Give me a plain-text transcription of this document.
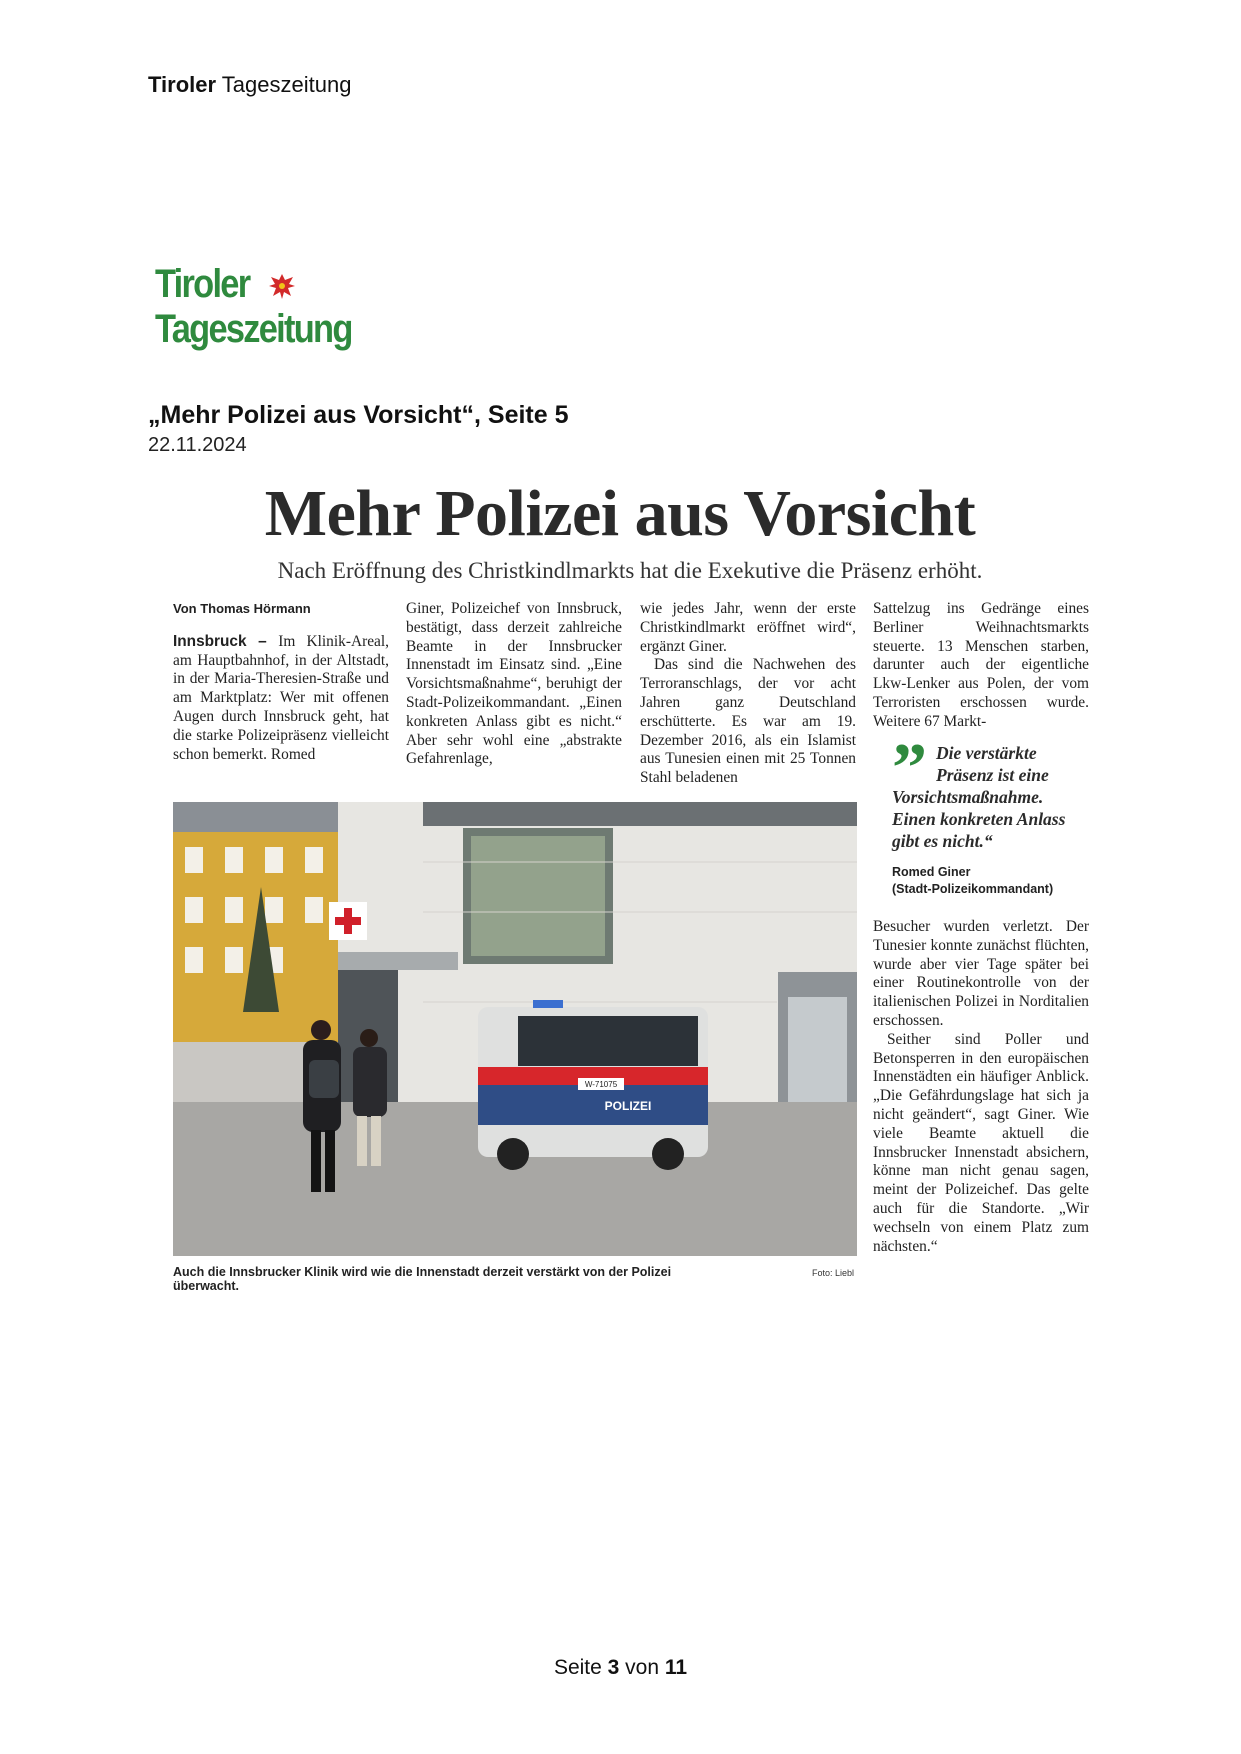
Tiroler Tageszeitung
Tiroler  Tageszeitung
„Mehr Polizei aus Vorsicht“, Seite 5
22.11.2024
Mehr Polizei aus Vorsicht
Nach Eröffnung des Christkindlmarkts hat die Exekutive die Präsenz erhöht.

Von Thomas Hörmann

Innsbruck – Im Klinik-Areal, am Hauptbahnhof, in der Altstadt, in der Maria-Theresien-Straße und am Marktplatz: Wer mit offenen Augen durch Innsbruck geht, hat die starke Polizeipräsenz vielleicht schon bemerkt. Romed

Giner, Polizeichef von Innsbruck, bestätigt, dass derzeit zahlreiche Beamte in der Innsbrucker Innenstadt im Einsatz sind. „Eine Vorsichtsmaßnahme“, beruhigt der Stadt-Polizeikommandant. „Einen konkreten Anlass gibt es nicht.“ Aber sehr wohl eine „abstrakte Gefahrenlage,

wie jedes Jahr, wenn der erste Christkindlmarkt eröffnet wird“, ergänzt Giner.

Das sind die Nachwehen des Terroranschlags, der vor acht Jahren ganz Deutschland erschütterte. Es war am 19. Dezember 2016, als ein Islamist aus Tunesien einen mit 25 Tonnen Stahl beladenen

Sattelzug ins Gedränge eines Berliner Weihnachtsmarkts steuerte. 13 Menschen starben, darunter auch der eigentliche Lkw-Lenker aus Polen, der vom Terroristen erschossen wurde. Weitere 67 Markt-

Die verstärkte
Präsenz ist eine
Vorsichtsmaßnahme.
Einen konkreten Anlass
gibt es nicht.“
”
Romed Giner
(Stadt-Polizeikommandant)

Besucher wurden verletzt. Der Tunesier konnte zunächst flüchten, wurde aber vier Tage später bei einer Routinekontrolle von der italienischen Polizei in Norditalien erschossen.

Seither sind Poller und Betonsperren in den europäischen Innenstädten ein häufiger Anblick. „Die Gefährdungslage hat sich ja nicht geändert“, sagt Giner. Wie viele Beamte aktuell die Innsbrucker Innenstadt absichern, könne man nicht genau sagen, meint der Polizeichef. Das gelte auch für die Standorte. „Wir wechseln von einem Platz zum nächsten.“

W-71075
POLIZEI
Auch die Innsbrucker Klinik wird wie die Innenstadt derzeit verstärkt von der Polizei überwacht.
Foto: Liebl
Seite 3 von 11
